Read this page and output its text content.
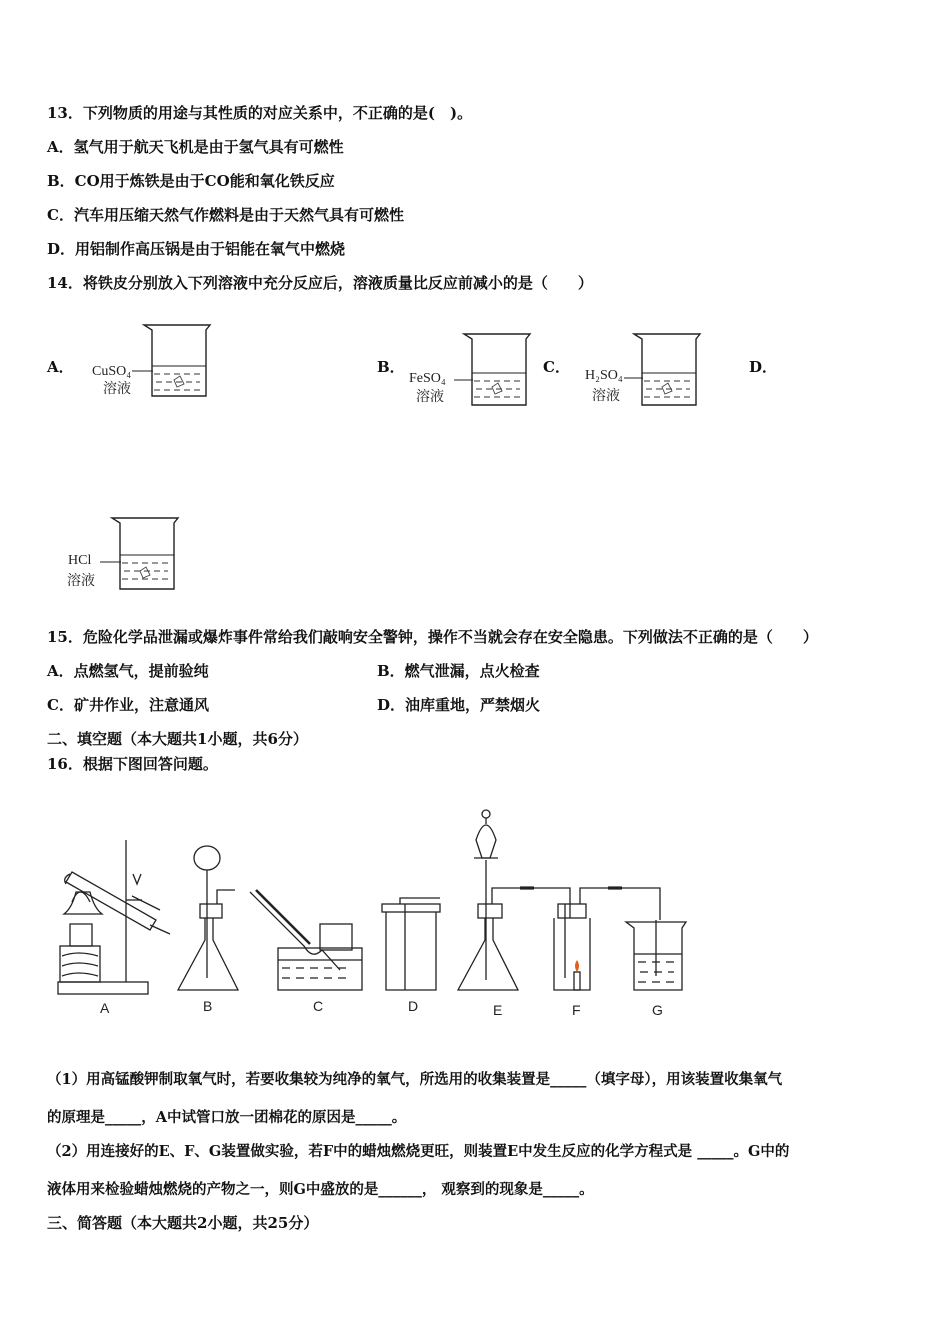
13．下列物质的用途与其性质的对应关系中，不正确的是(　)。
A．氢气用于航天飞机是由于氢气具有可燃性
B．CO用于炼铁是由于CO能和氧化铁反应
C．汽车用压缩天然气作燃料是由于天然气具有可燃性
D．用铝制作高压锅是由于铝能在氧气中燃烧
14．将铁皮分别放入下列溶液中充分反应后，溶液质量比反应前减小的是（　　）
A．	B．	C．	D．
CuSO₄
溶液
FeSO₄
溶液
H₂SO₄
溶液
HCl
溶液
15．危险化学品泄漏或爆炸事件常给我们敲响安全警钟，操作不当就会存在安全隐患。下列做法不正确的是（　　）
A．点燃氢气，提前验纯	B．燃气泄漏，点火检查
C．矿井作业，注意通风	D．油库重地，严禁烟火
二、填空题（本大题共1小题，共6分）
16．根据下图回答问题。
A	B	C	D	E	F	G
（1）用高锰酸钾制取氧气时，若要收集较为纯净的氧气，所选用的收集装置是_____（填字母），用该装置收集氧气
的原理是_____，A中试管口放一团棉花的原因是_____。
（2）用连接好的E、F、G装置做实验，若F中的蜡烛燃烧更旺，则装置E中发生反应的化学方程式是 _____。G中的
液体用来检验蜡烛燃烧的产物之一，则G中盛放的是______， 观察到的现象是_____。
三、简答题（本大题共2小题，共25分）
